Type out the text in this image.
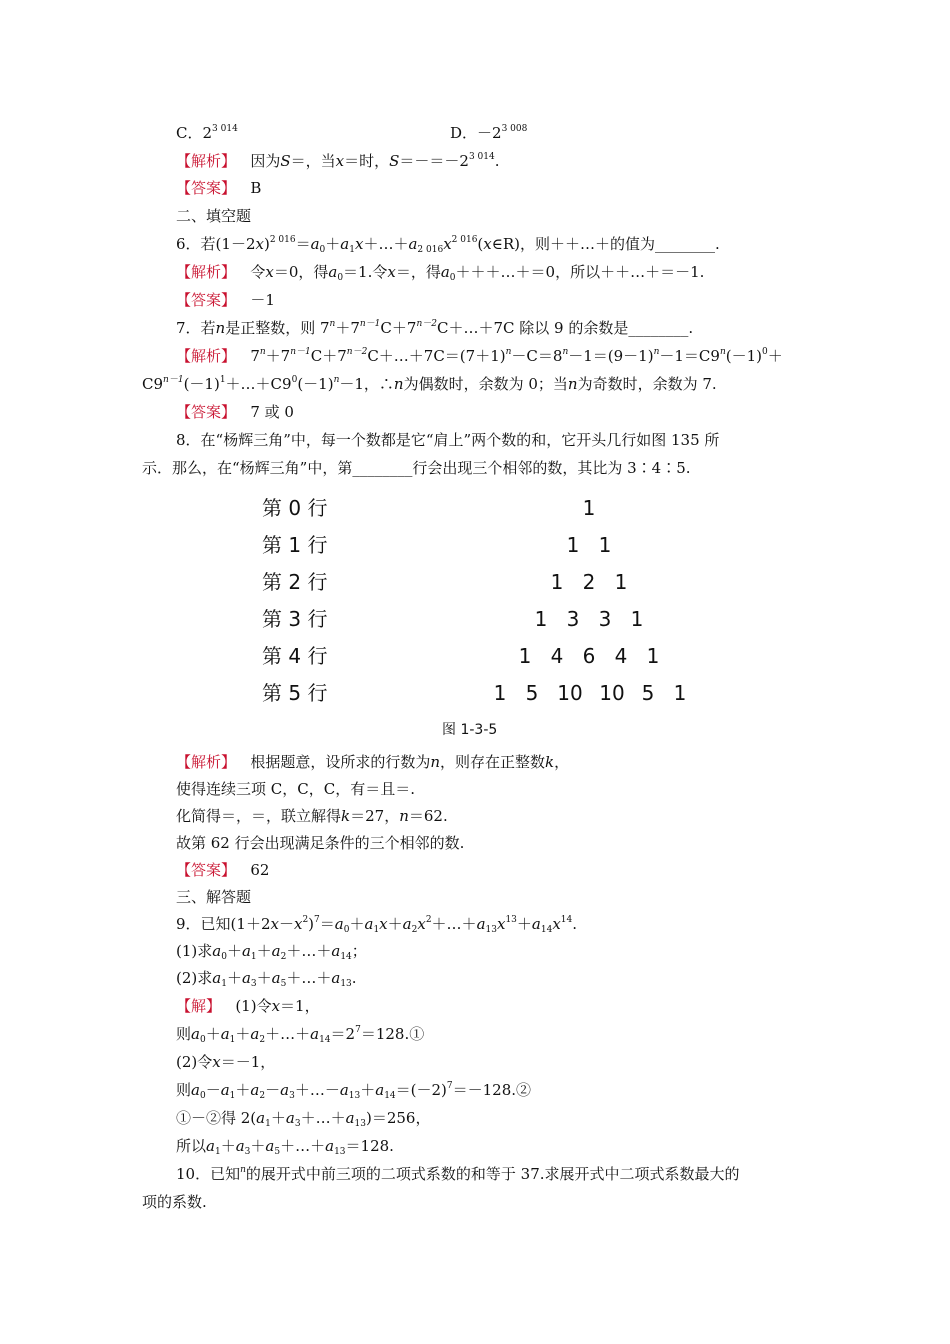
C．$2^{3 014}$	D．$-2^{3 008}$
【解析】 因为S＝，当x＝时，$S=-=-2^{3 014}$.
【答案】 B
二、填空题
6．若$(1-2x)^{2 016}=a_0+a_1x+\dots+a_{2 016}x^{2 016}(x\in R)$，则＋＋…＋的值为________.
【解析】 令x＝0，得$a_0=1$.令x＝，得$a_0+++\dots+=0$，所以＋＋…＋＝－1.
【答案】 －1
7．若n是正整数，则 $7^n+7^{n-1}C+7^{n-2}C+\dots+7C$ 除以 9 的余数是________.
【解析】 $7^n+7^{n-1}C+7^{n-2}C+\dots+7C=(7+1)^n-C=8^n-1=(9-1)^n-1=C9^n(-1)^0+$
$C9^{n-1}(-1)^1+\dots+C9^0(-1)^n-1$，∴n为偶数时，余数为 0；当n为奇数时，余数为 7.
【答案】 7 或 0
8．在“杨辉三角”中，每一个数都是它“肩上”两个数的和，它开头几行如图 135 所
示．那么，在“杨辉三角”中，第________行会出现三个相邻的数，其比为 3∶4∶5.
第 0 行
第 1 行
第 2 行
第 3 行
第 4 行
第 5 行
1
1 1
1 2 1
1 3 3 1
1 4 6 4 1
1 5 10 10 5 1
图 1-3-5
【解析】 根据题意，设所求的行数为n，则存在正整数k，
使得连续三项 C，C，C，有＝且＝.
化简得＝，＝，联立解得k＝27，n＝62.
故第 62 行会出现满足条件的三个相邻的数.
【答案】 62
三、解答题
9．已知$(1+2x-x^2)^7=a_0+a_1x+a_2x^2+\dots+a_{13}x^{13}+a_{14}x^{14}$.
(1)求$a_0+a_1+a_2+\dots+a_{14}$；
(2)求$a_1+a_3+a_5+\dots+a_{13}$.
【解】 (1)令x＝1，
则$a_0+a_1+a_2+\dots+a_{14}=2^7=128.①$
(2)令x＝－1，
则$a_0-a_1+a_2-a_3+\dots-a_{13}+a_{14}=(-2)^7=-128.②$
①－②得 $2(a_1+a_3+\dots+a_{13})=256$，
所以$a_1+a_3+a_5+\dots+a_{13}=128$.
10．已知$^n$的展开式中前三项的二项式系数的和等于 37.求展开式中二项式系数最大的
项的系数.
